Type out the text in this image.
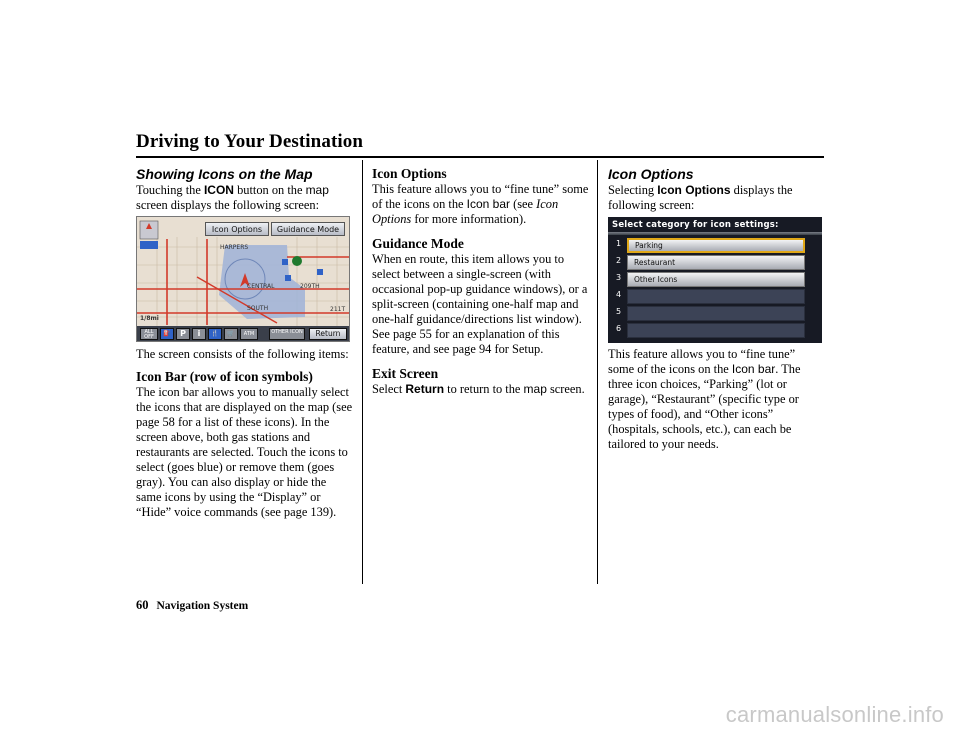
Driving to Your Destination

Showing Icons on the Map

Touching the ICON button on the map screen displays the following screen:

The screen consists of the following items:

Icon Bar (row of icon symbols)

The icon bar allows you to manually select the icons that are displayed on the map (see page 58 for a list of these icons). In the screen above, both gas stations and restaurants are selected. Touch the icons to select (goes blue) or remove them (goes gray). You can also display or hide the same icons by using the “Display” or “Hide” voice commands (see page 139).

Icon Options	Guidance Mode
HARPERS
CENTRAL
SOUTH
209TH
211T
1/8mi
ALL OFF	⛽	P	i	🍴	🛒	ATM	OTHER ICON	Return

Icon Options

This feature allows you to “fine tune” some of the icons on the Icon bar (see Icon Options for more information).

Guidance Mode

When en route, this item allows you to select between a single-screen (with occasional pop-up guidance windows), or a split-screen (containing one-half map and one-half guidance/directions list window). See page 55 for an explanation of this feature, and see page 94 for Setup.

Exit Screen

Select Return to return to the map screen.

Icon Options

Selecting Icon Options displays the following screen:

This feature allows you to “fine tune” some of the icons on the Icon bar. The three icon choices, “Parking” (lot or garage), “Restaurant” (specific type or types of food), and “Other icons” (hospitals, schools, etc.), can each be tailored to your needs.

Select category for icon settings:
1	Parking
2	Restaurant
3	Other Icons
4
5
6
60 Navigation System
carmanualsonline.info
